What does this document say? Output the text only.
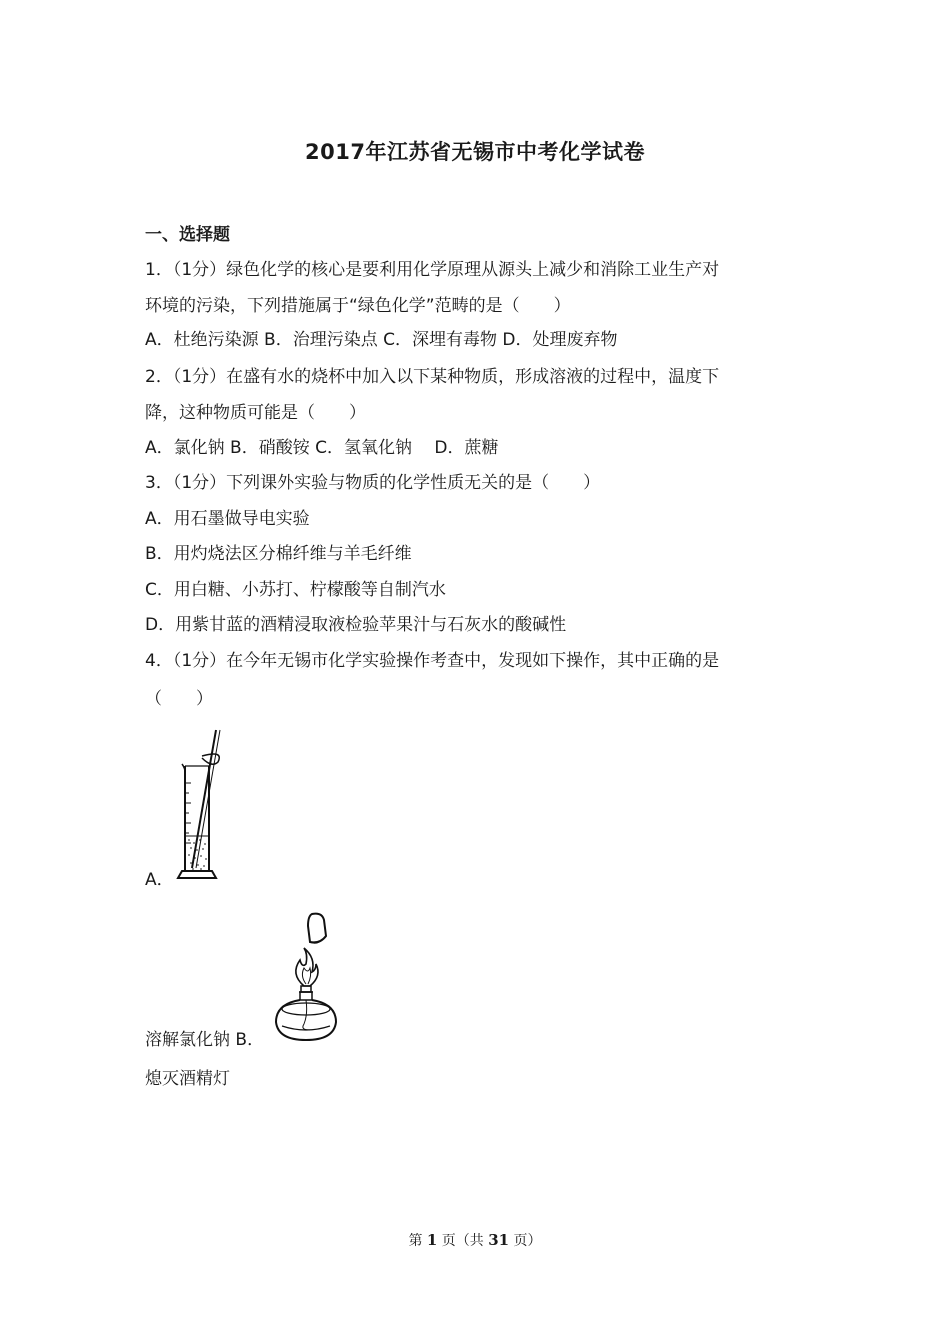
2017年江苏省无锡市中考化学试卷
一、选择题
1．（1分）绿色化学的核心是要利用化学原理从源头上减少和消除工业生产对
环境的污染，下列措施属于“绿色化学”范畴的是（　　）
A．杜绝污染源 B．治理污染点 C．深埋有毒物 D．处理废弃物
2．（1分）在盛有水的烧杯中加入以下某种物质，形成溶液的过程中，温度下
降，这种物质可能是（　　）
A．氯化钠 B．硝酸铵 C．氢氧化钠 　D．蔗糖
3．（1分）下列课外实验与物质的化学性质无关的是（　　）
A．用石墨做导电实验
B．用灼烧法区分棉纤维与羊毛纤维
C．用白糖、小苏打、柠檬酸等自制汽水
D．用紫甘蓝的酒精浸取液检验苹果汁与石灰水的酸碱性
4．（1分）在今年无锡市化学实验操作考查中，发现如下操作，其中正确的是
（　　）
A．
溶解氯化钠 B．
熄灭酒精灯
第 1 页（共 31 页）
